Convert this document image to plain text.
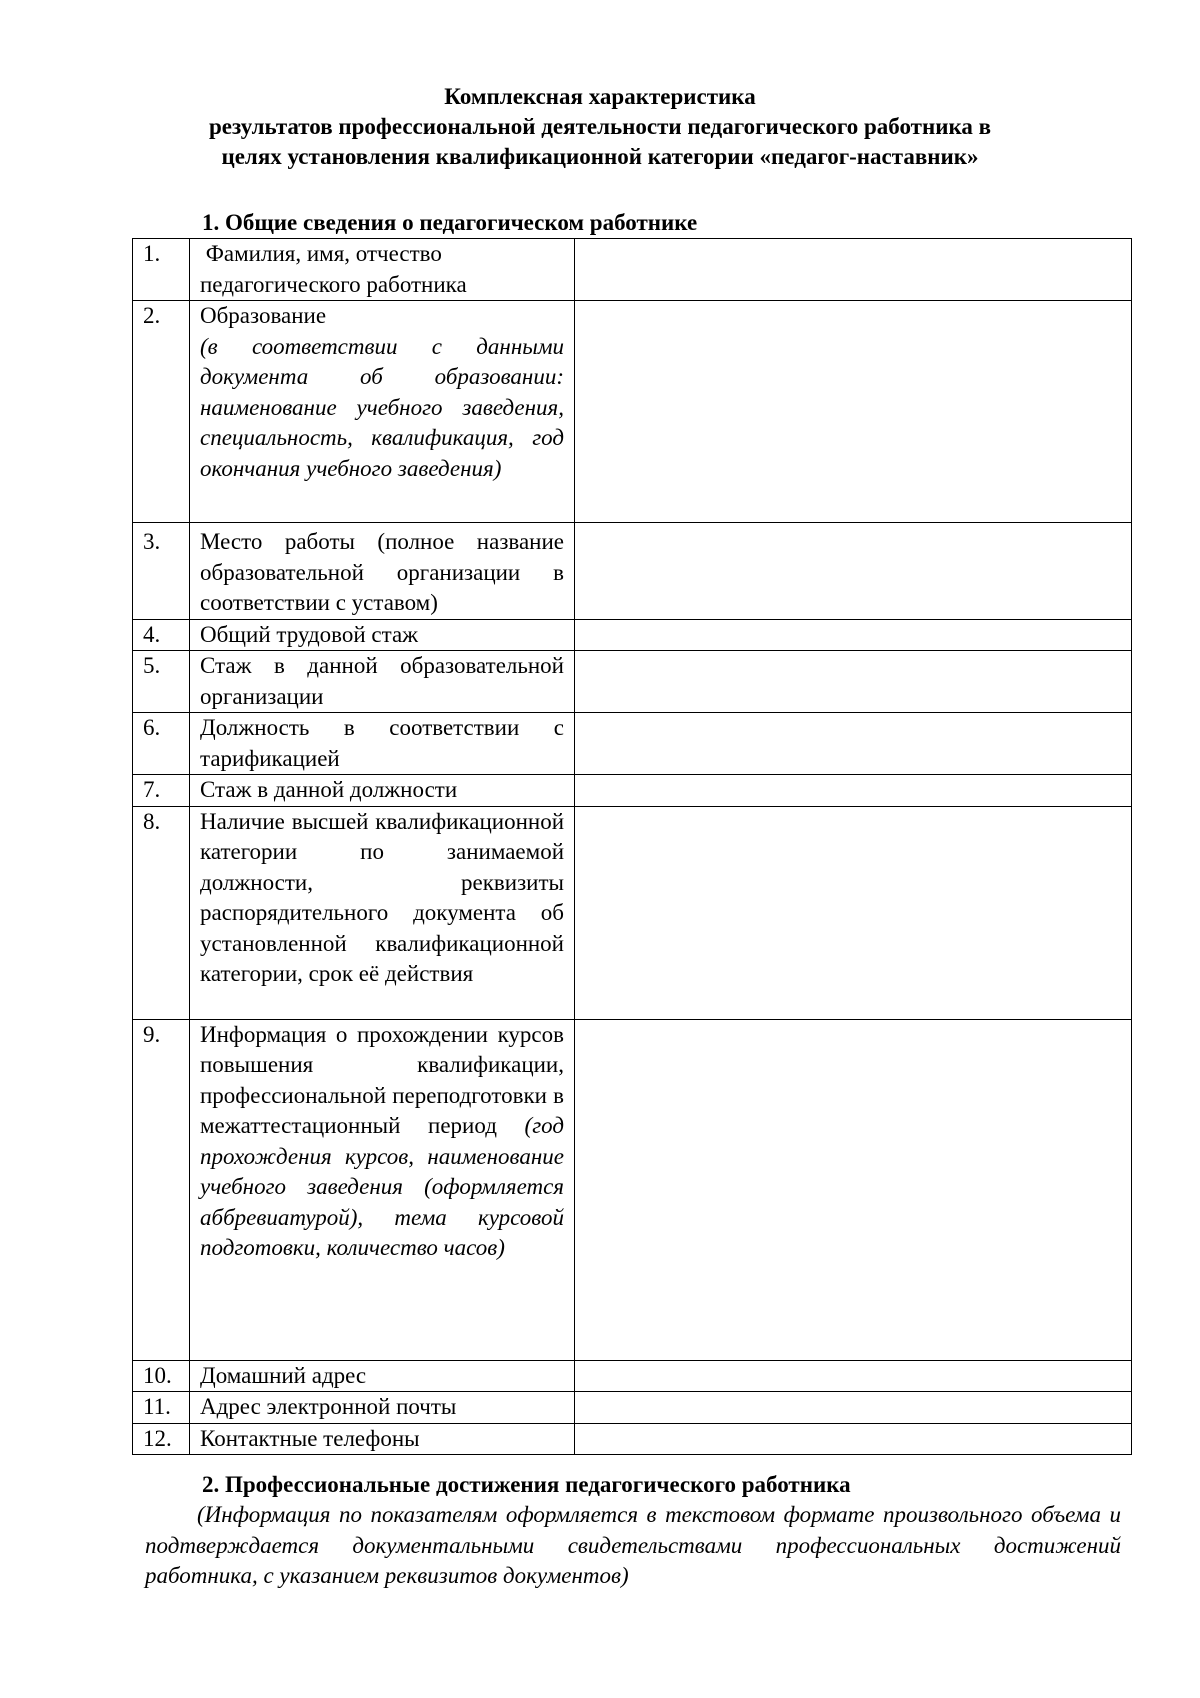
Комплексная характеристика
результатов профессиональной деятельности педагогического работника в
целях установления квалификационной категории «педагог-наставник»
1. Общие сведения о педагогическом работнике
1.	Фамилия, имя, отчество педагогического работника	
2.	Образование
(в соответствии с данными документа об образовании: наименование учебного заведения, специальность, квалификация, год окончания учебного заведения)	

3.	Место работы (полное название образовательной организации в соответствии с уставом)	
4.	Общий трудовой стаж	
5.	Стаж в данной образовательной организации	
6.	Должность в соответствии с тарификацией	
7.	Стаж в данной должности	
8.	Наличие высшей квалификационной категории по занимаемой должности, реквизиты распорядительного документа об установленной квалификационной категории, срок её действия	
9.	Информация о прохождении курсов повышения квалификации, профессиональной переподготовки в межаттестационный период (год прохождения курсов, наименование учебного заведения (оформляется аббревиатурой), тема курсовой подготовки, количество часов)	
10.	Домашний адрес	
11.	Адрес электронной почты	
12.	Контактные телефоны	
2. Профессиональные достижения педагогического работника
(Информация по показателям оформляется в текстовом формате произвольного объема и подтверждается документальными свидетельствами профессиональных достижений работника, с указанием реквизитов документов)
